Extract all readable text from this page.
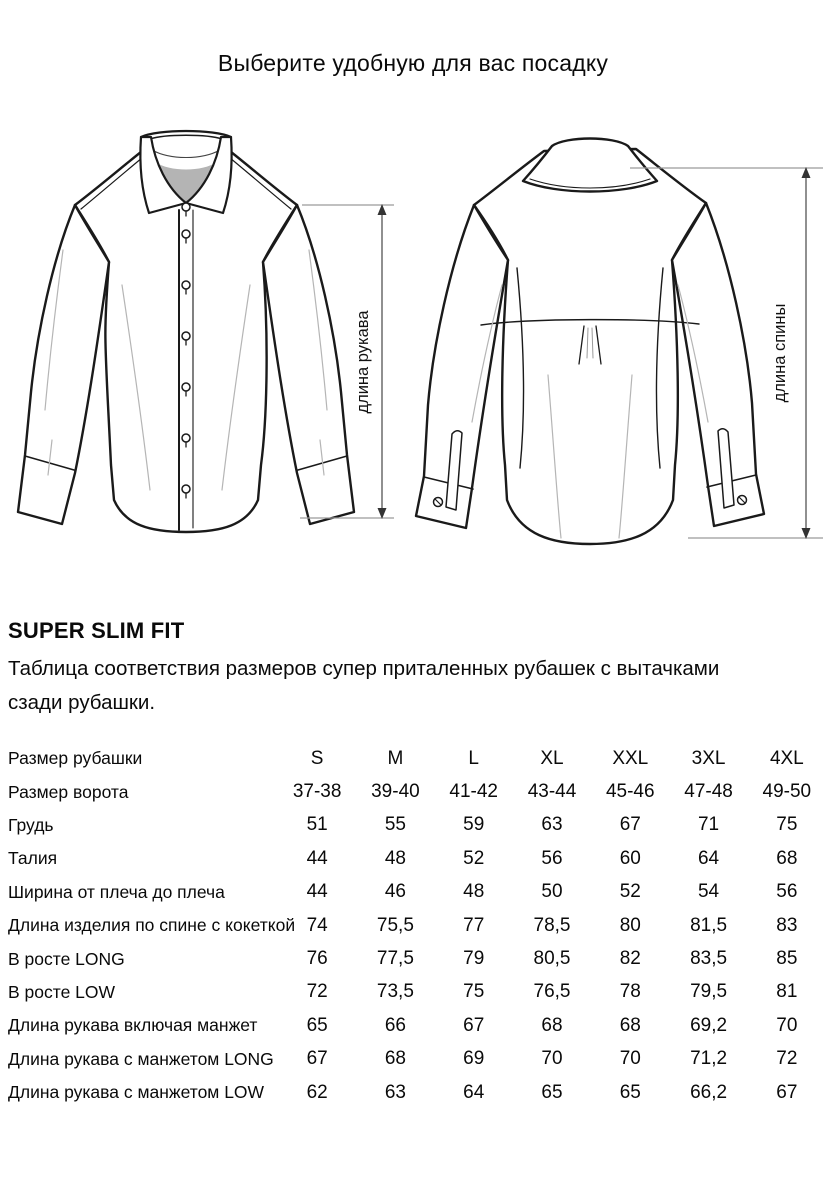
Выберите удобную для вас посадку
длина рукава	длина спины
SUPER SLIM FIT
Таблица соответствия размеров супер приталенных рубашек с вытачками
сзади рубашки.
Размер рубашки	S	M	L	XL	XXL	3XL	4XL
Размер ворота	37-38	39-40	41-42	43-44	45-46	47-48	49-50
Грудь	51	55	59	63	67	71	75
Талия	44	48	52	56	60	64	68
Ширина от плеча до плеча	44	46	48	50	52	54	56
Длина изделия по спине с кокеткой 74	75,5	77	78,5	80	81,5	83
В росте LONG	76	77,5	79	80,5	82	83,5	85
В росте LOW	72	73,5	75	76,5	78	79,5	81
Длина рукава включая манжет	65	66	67	68	68	69,2	70
Длина рукава с манжетом LONG	67	68	69	70	70	71,2	72
Длина рукава с манжетом LOW	62	63	64	65	65	66,2	67
